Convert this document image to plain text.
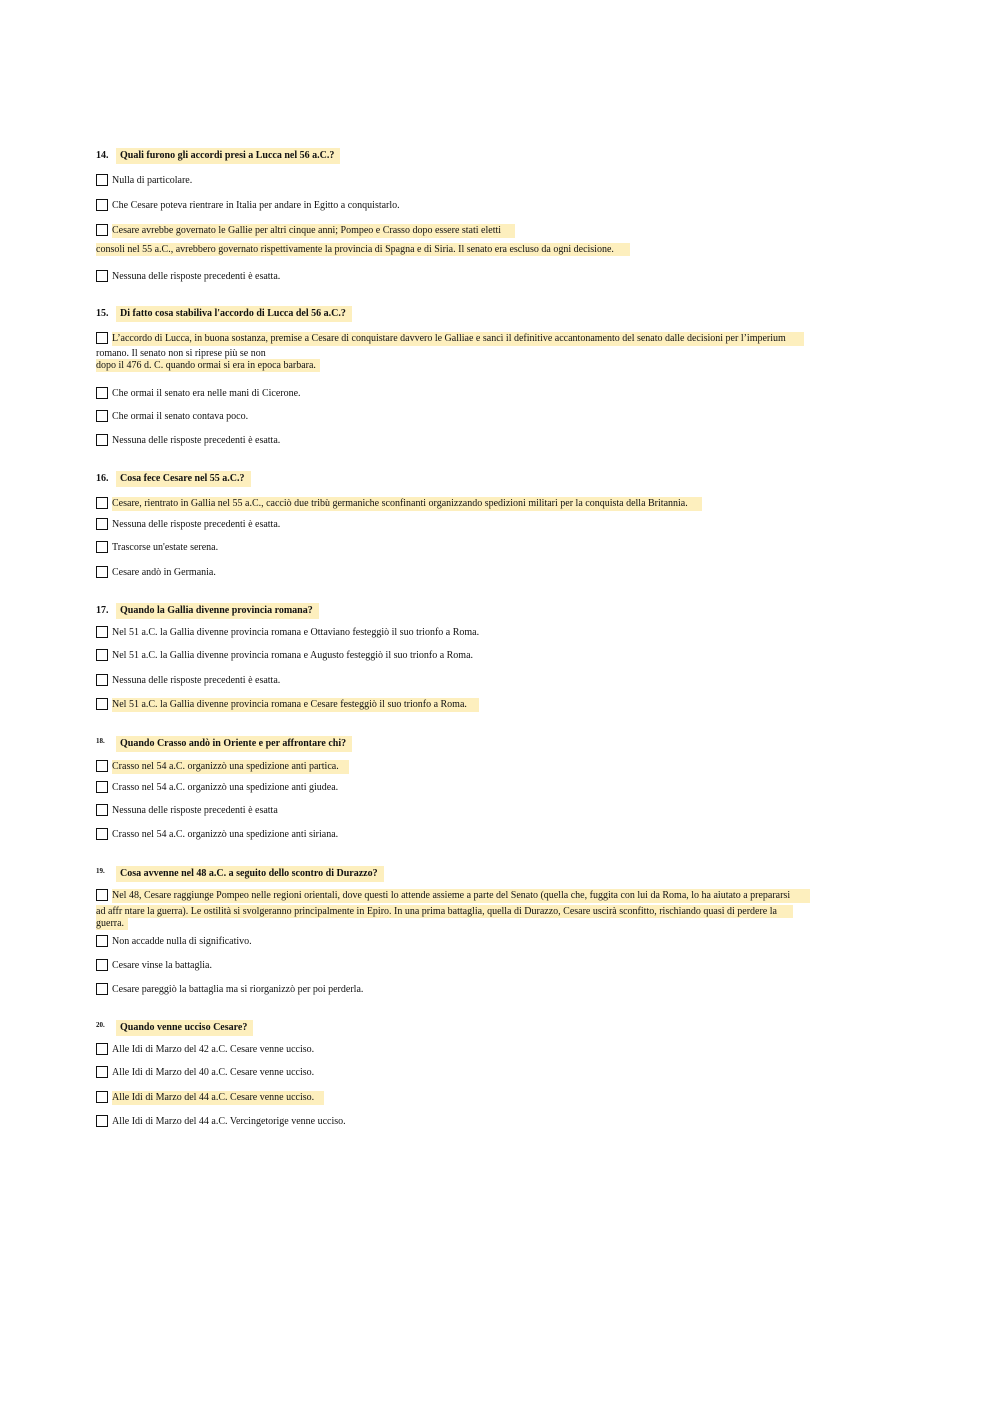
14. Quali furono gli accordi presi a Lucca nel 56 a.C.?
Nulla di particolare.
Che Cesare poteva rientrare in Italia per andare in Egitto a conquistarlo.
Cesare avrebbe governato le Gallie per altri cinque anni; Pompeo e Crasso dopo essere stati eletti
consoli nel 55 a.C., avrebbero governato rispettivamente la provincia di Spagna e di Siria. Il senato era escluso da ogni decisione.
Nessuna delle risposte precedenti è esatta.
15. Di fatto cosa stabiliva l'accordo di Lucca del 56 a.C.?
L’accordo di Lucca, in buona sostanza, premise a Cesare di conquistare davvero le Galliae e sancì il definitive accantonamento del senato dalle decisioni per l’imperium
romano. Il senato non si riprese più se non
dopo il 476 d. C. quando ormai si era in epoca barbara.
Che ormai il senato era nelle mani di Cicerone.
Che ormai il senato contava poco.
Nessuna delle risposte precedenti è esatta.
16. Cosa fece Cesare nel 55 a.C.?
Cesare, rientrato in Gallia nel 55 a.C., cacciò due tribù germaniche sconfinanti organizzando spedizioni militari per la conquista della Britannia.
Nessuna delle risposte precedenti è esatta.
Trascorse un'estate serena.
Cesare andò in Germania.
17. Quando la Gallia divenne provincia romana?
Nel 51 a.C. la Gallia divenne provincia romana e Ottaviano festeggiò il suo trionfo a Roma.
Nel 51 a.C. la Gallia divenne provincia romana e Augusto festeggiò il suo trionfo a Roma.
Nessuna delle risposte precedenti è esatta.
Nel 51 a.C. la Gallia divenne provincia romana e Cesare festeggiò il suo trionfo a Roma.
18. Quando Crasso andò in Oriente e per affrontare chi?
Crasso nel 54 a.C. organizzò una spedizione anti partica.
Crasso nel 54 a.C. organizzò una spedizione anti giudea.
Nessuna delle risposte precedenti è esatta
Crasso nel 54 a.C. organizzò una spedizione anti siriana.
19. Cosa avvenne nel 48 a.C. a seguito dello scontro di Durazzo?
Nel 48, Cesare raggiunge Pompeo nelle regioni orientali, dove questi lo attende assieme a parte del Senato (quella che, fuggita con lui da Roma, lo ha aiutato a prepararsi
ad affr ntare la guerra). Le ostilità si svolgeranno principalmente in Epiro. In una prima battaglia, quella di Durazzo, Cesare uscirà sconfitto, rischiando quasi di perdere la
guerra.
Non accadde nulla di significativo.
Cesare vinse la battaglia.
Cesare pareggiò la battaglia ma si riorganizzò per poi perderla.
20. Quando venne ucciso Cesare?
Alle Idi di Marzo del 42 a.C. Cesare venne ucciso.
Alle Idi di Marzo del 40 a.C. Cesare venne ucciso.
Alle Idi di Marzo del 44 a.C. Cesare venne ucciso.
Alle Idi di Marzo del 44 a.C. Vercingetorige venne ucciso.
